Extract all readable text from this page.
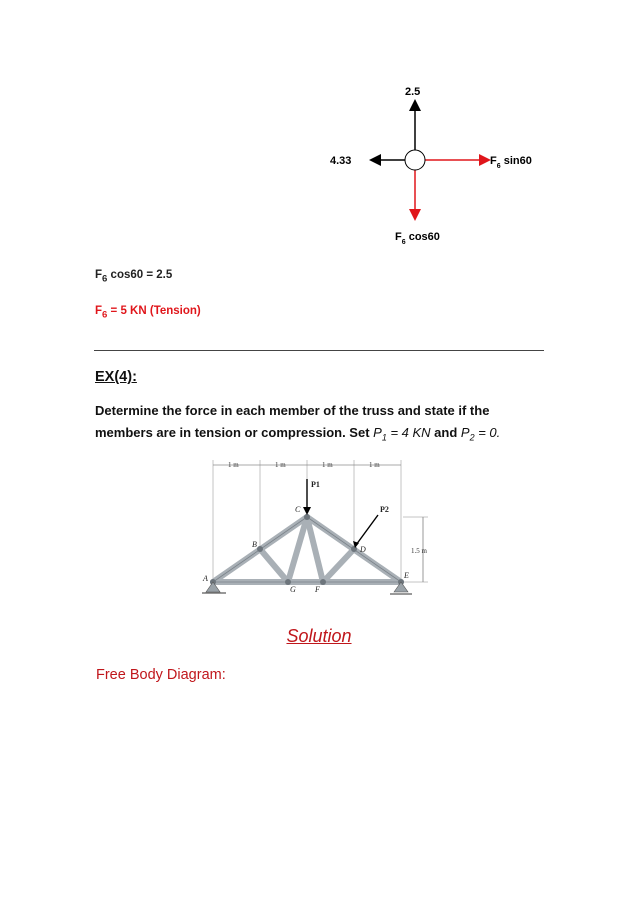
2.5
4.33	$F_6$ sin60
$F_6$ cos60
$F_6$ cos60 = 2.5
$F_6 = 5$ KN (Tension)
EX(4):
Determine the force in each member of the truss and state if the
members are in tension or compression. Set $P_1 = 4$ KN and $P_2 = 0$.
1 m	1 m	1 m	1 m
1.5 m
P1
P2
A
B
C
D
E
F
G
Solution
Free Body Diagram:
